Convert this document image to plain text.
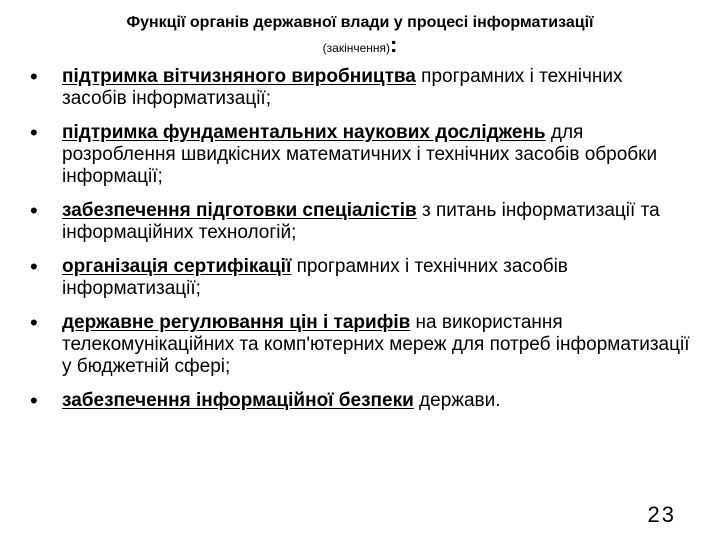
Функції органів державної влади у процесі інформатизації
(закінчення):
• підтримка вітчизняного виробництва програмних і технічних засобів інформатизації;
• підтримка фундаментальних наукових досліджень для розроблення швидкісних математичних і технічних засобів обробки інформації;
• забезпечення підготовки спеціалістів з питань інформатизації та інформаційних технологій;
• організація сертифікації програмних і технічних засобів інформатизації;
• державне регулювання цін і тарифів на використання телекомунікаційних та комп'ютерних мереж для потреб інформатизації у бюджетній сфері;
• забезпечення інформаційної безпеки держави.
23
